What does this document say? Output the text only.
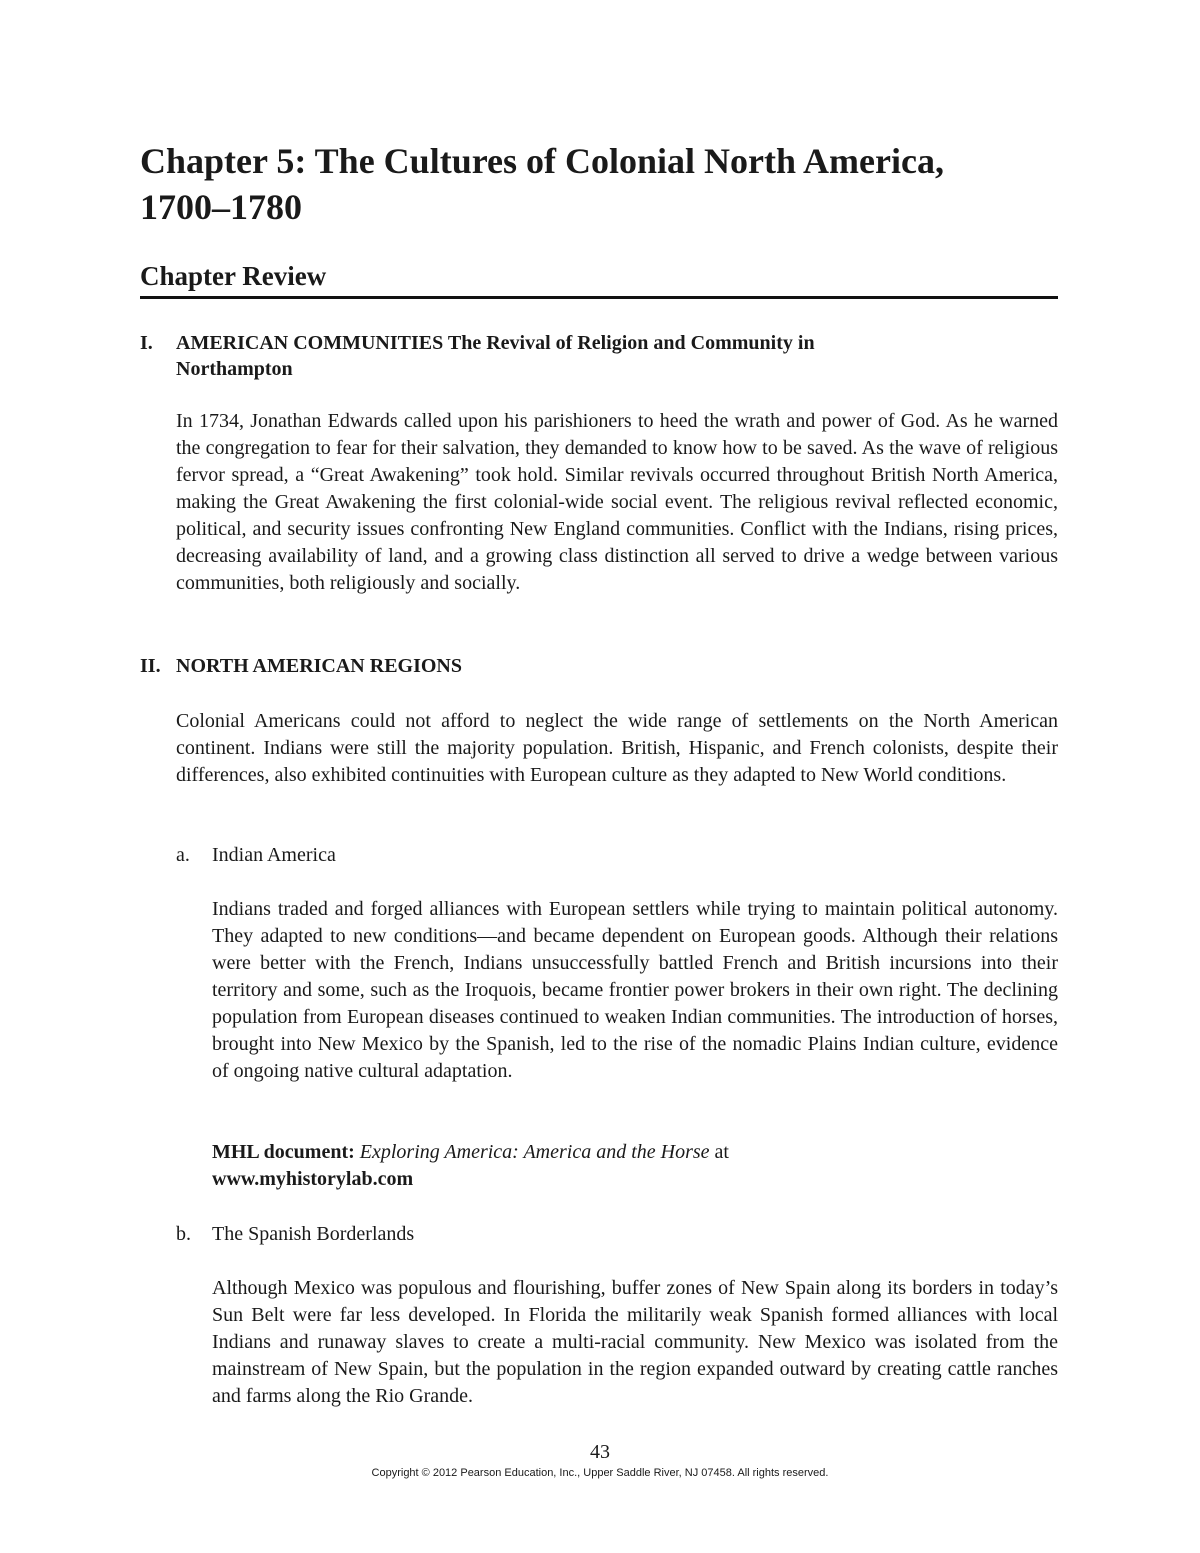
Chapter 5: The Cultures of Colonial North America,
1700–1780
Chapter Review
I. AMERICAN COMMUNITIES The Revival of Religion and Community in
Northampton

In 1734, Jonathan Edwards called upon his parishioners to heed the wrath and power of God. As he warned the congregation to fear for their salvation, they demanded to know how to be saved. As the wave of religious fervor spread, a “Great Awakening” took hold. Similar revivals occurred throughout British North America, making the Great Awakening the first colonial-wide social event. The religious revival reflected economic, political, and security issues confronting New England communities. Conflict with the Indians, rising prices, decreasing availability of land, and a growing class distinction all served to drive a wedge between various communities, both religiously and socially.

II. NORTH AMERICAN REGIONS

Colonial Americans could not afford to neglect the wide range of settlements on the North American continent. Indians were still the majority population. British, Hispanic, and French colonists, despite their differences, also exhibited continuities with European culture as they adapted to New World conditions.

a. Indian America

Indians traded and forged alliances with European settlers while trying to maintain political autonomy. They adapted to new conditions—and became dependent on European goods. Although their relations were better with the French, Indians unsuccessfully battled French and British incursions into their territory and some, such as the Iroquois, became frontier power brokers in their own right. The declining population from European diseases continued to weaken Indian communities. The introduction of horses, brought into New Mexico by the Spanish, led to the rise of the nomadic Plains Indian culture, evidence of ongoing native cultural adaptation.

MHL document: Exploring America: America and the Horse at
www.myhistorylab.com

b. The Spanish Borderlands

Although Mexico was populous and flourishing, buffer zones of New Spain along its borders in today’s Sun Belt were far less developed. In Florida the militarily weak Spanish formed alliances with local Indians and runaway slaves to create a multi-racial community. New Mexico was isolated from the mainstream of New Spain, but the population in the region expanded outward by creating cattle ranches and farms along the Rio Grande.

43
Copyright © 2012 Pearson Education, Inc., Upper Saddle River, NJ 07458. All rights reserved.
